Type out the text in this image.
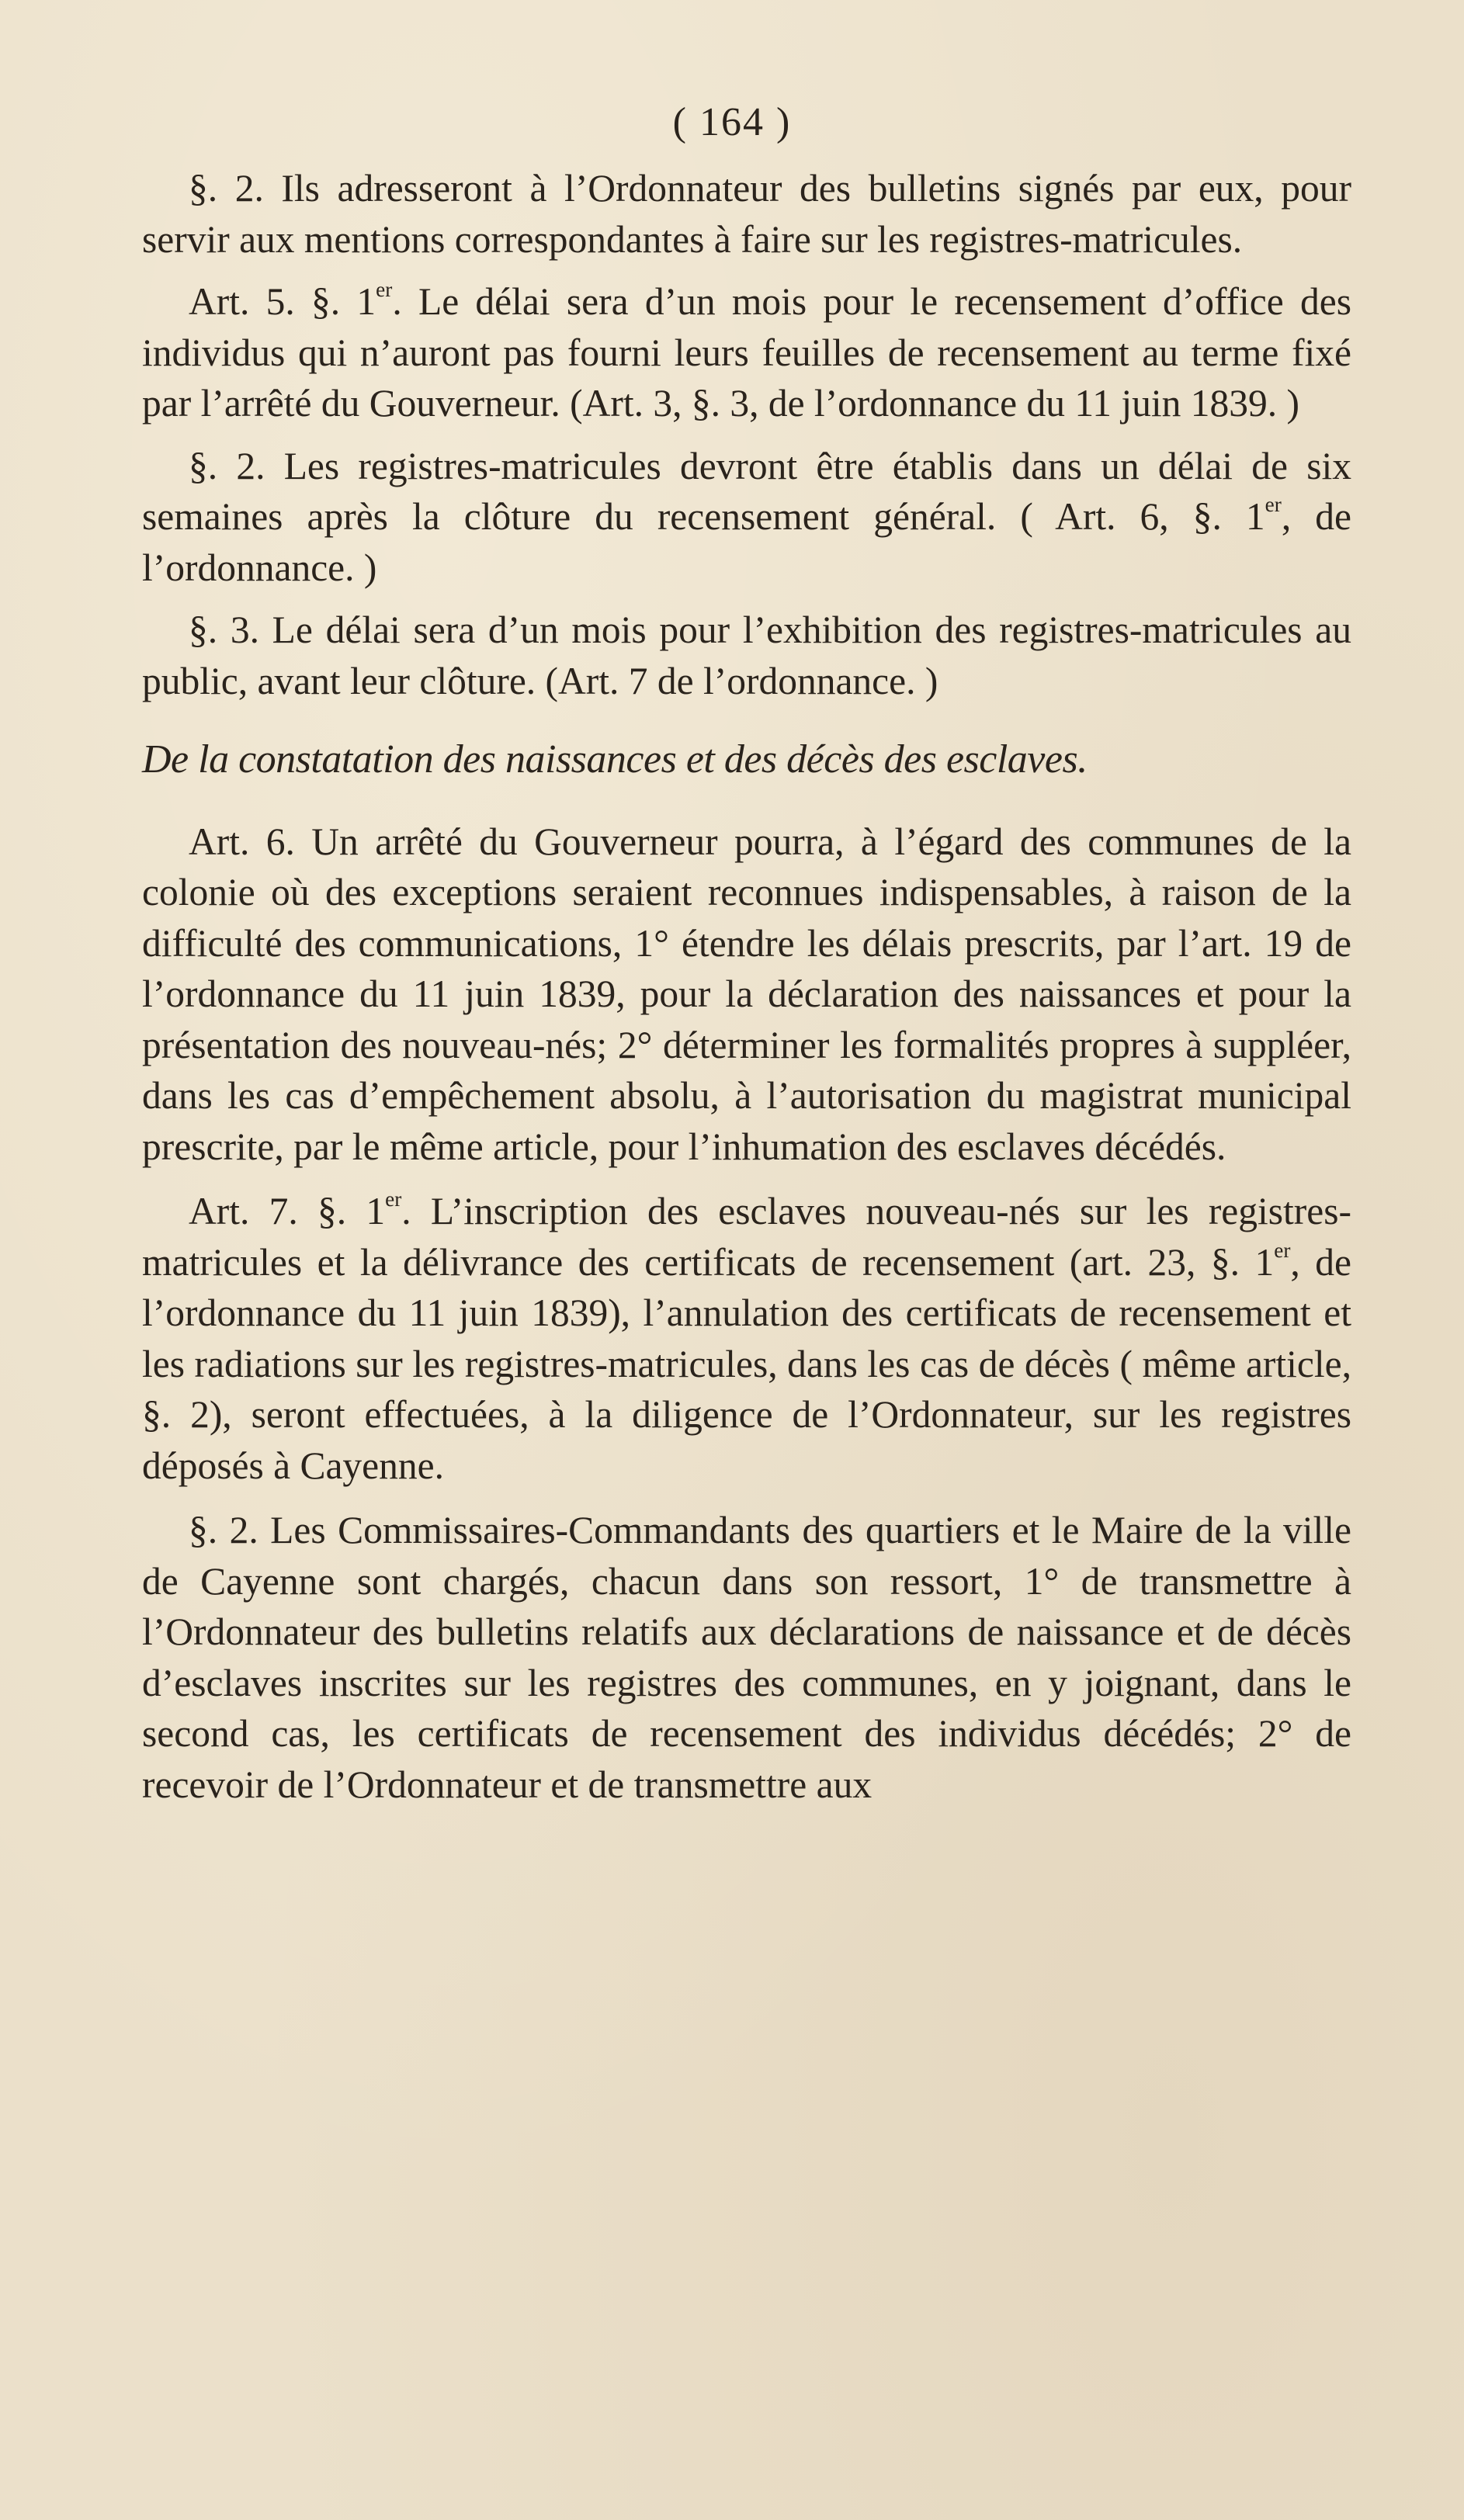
( 164 )

§. 2. Ils adresseront à l’Ordonnateur des bulletins signés par eux, pour servir aux mentions correspondantes à faire sur les registres-matricules.

Art. 5. §. 1er. Le délai sera d’un mois pour le recensement d’office des individus qui n’auront pas fourni leurs feuilles de recensement au terme fixé par l’arrêté du Gouverneur. (Art. 3, §. 3, de l’ordonnance du 11 juin 1839. )

§. 2. Les registres-matricules devront être établis dans un délai de six semaines après la clôture du recensement général. ( Art. 6, §. 1er, de l’ordonnance. )

§. 3. Le délai sera d’un mois pour l’exhibition des registres-matricules au public, avant leur clôture. (Art. 7 de l’ordonnance. )

De la constatation des naissances et des décès des esclaves.

Art. 6. Un arrêté du Gouverneur pourra, à l’égard des communes de la colonie où des exceptions seraient reconnues indispensables, à raison de la difficulté des communications, 1° étendre les délais prescrits, par l’art. 19 de l’ordonnance du 11 juin 1839, pour la déclaration des naissances et pour la présentation des nouveau-nés; 2° déterminer les formalités propres à suppléer, dans les cas d’empêchement absolu, à l’autorisation du magistrat municipal prescrite, par le même article, pour l’inhumation des esclaves décédés.

Art. 7. §. 1er. L’inscription des esclaves nouveau-nés sur les registres-matricules et la délivrance des certificats de recensement (art. 23, §. 1er, de l’ordonnance du 11 juin 1839), l’annulation des certificats de recensement et les radiations sur les registres-matricules, dans les cas de décès ( même article, §. 2), seront effectuées, à la diligence de l’Ordonnateur, sur les registres déposés à Cayenne.

§. 2. Les Commissaires-Commandants des quartiers et le Maire de la ville de Cayenne sont chargés, chacun dans son ressort, 1° de transmettre à l’Ordonnateur des bulletins relatifs aux déclarations de naissance et de décès d’esclaves inscrites sur les registres des communes, en y joignant, dans le second cas, les certificats de recensement des individus décédés; 2° de recevoir de l’Ordonnateur et de transmettre aux
